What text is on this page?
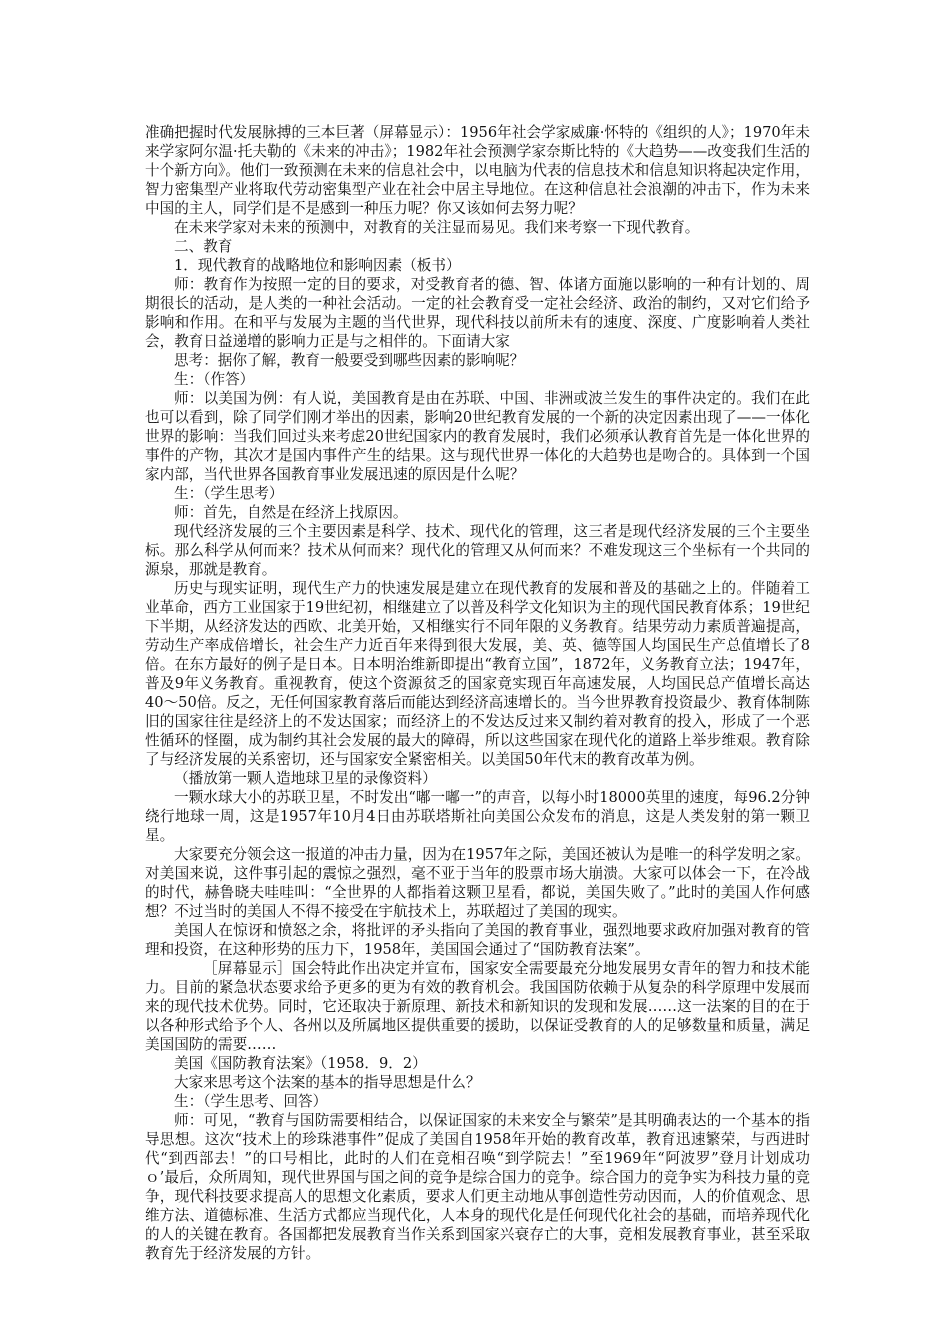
准确把握时代发展脉搏的三本巨著（屏幕显示）：1956年社会学家威廉·怀特的《组织的人》；1970年未来学家阿尔温·托夫勒的《未来的冲击》；1982年社会预测学家奈斯比特的《大趋势——改变我们生活的十个新方向》。他们一致预测在未来的信息社会中，以电脑为代表的信息技术和信息知识将起决定作用，智力密集型产业将取代劳动密集型产业在社会中居主导地位。在这种信息社会浪潮的冲击下，作为未来中国的主人，同学们是不是感到一种压力呢？你又该如何去努力呢？

在未来学家对未来的预测中，对教育的关注显而易见。我们来考察一下现代教育。

二、教育

1．现代教育的战略地位和影响因素（板书）

师：教育作为按照一定的目的要求，对受教育者的德、智、体诸方面施以影响的一种有计划的、周期很长的活动，是人类的一种社会活动。一定的社会教育受一定社会经济、政治的制约，又对它们给予影响和作用。在和平与发展为主题的当代世界，现代科技以前所未有的速度、深度、广度影响着人类社会，教育日益递增的影响力正是与之相伴的。下面请大家

思考：据你了解，教育一般要受到哪些因素的影响呢？

生：（作答）

师：以美国为例：有人说，美国教育是由在苏联、中国、非洲或波兰发生的事件决定的。我们在此也可以看到，除了同学们刚才举出的因素，影响20世纪教育发展的一个新的决定因素出现了——一体化世界的影响：当我们回过头来考虑20世纪国家内的教育发展时，我们必须承认教育首先是一体化世界的事件的产物，其次才是国内事件产生的结果。这与现代世界一体化的大趋势也是吻合的。具体到一个国家内部，当代世界各国教育事业发展迅速的原因是什么呢？

生：（学生思考）

师：首先，自然是在经济上找原因。

现代经济发展的三个主要因素是科学、技术、现代化的管理，这三者是现代经济发展的三个主要坐标。那么科学从何而来？技术从何而来？现代化的管理又从何而来？不难发现这三个坐标有一个共同的源泉，那就是教育。

历史与现实证明，现代生产力的快速发展是建立在现代教育的发展和普及的基础之上的。伴随着工业革命，西方工业国家于19世纪初，相继建立了以普及科学文化知识为主的现代国民教育体系；19世纪下半期，从经济发达的西欧、北美开始，又相继实行不同年限的义务教育。结果劳动力素质普遍提高，劳动生产率成倍增长，社会生产力近百年来得到很大发展，美、英、德等国人均国民生产总值增长了8倍。在东方最好的例子是日本。日本明治维新即提出“教育立国”，1872年，义务教育立法；1947年，普及9年义务教育。重视教育，使这个资源贫乏的国家竟实现百年高速发展，人均国民总产值增长高达40～50倍。反之，无任何国家教育落后而能达到经济高速增长的。当今世界教育投资最少、教育体制陈旧的国家往往是经济上的不发达国家；而经济上的不发达反过来又制约着对教育的投入，形成了一个恶性循环的怪圈，成为制约其社会发展的最大的障碍，所以这些国家在现代化的道路上举步维艰。教育除了与经济发展的关系密切，还与国家安全紧密相关。以美国50年代末的教育改革为例。

（播放第一颗人造地球卫星的录像资料）

一颗水球大小的苏联卫星，不时发出“嘟一嘟一”的声音，以每小时18000英里的速度，每96.2分钟绕行地球一周，这是1957年10月4日由苏联塔斯社向美国公众发布的消息，这是人类发射的第一颗卫星。

大家要充分领会这一报道的冲击力量，因为在1957年之际，美国还被认为是唯一的科学发明之家。对美国来说，这件事引起的震惊之强烈，毫不亚于当年的股票市场大崩溃。大家可以体会一下，在冷战的时代，赫鲁晓夫哇哇叫：“全世界的人都指着这颗卫星看，都说，美国失败了。”此时的美国人作何感想？不过当时的美国人不得不接受在宇航技术上，苏联超过了美国的现实。

美国人在惊讶和愤怒之余，将批评的矛头指向了美国的教育事业，强烈地要求政府加强对教育的管理和投资，在这种形势的压力下，1958年，美国国会通过了“国防教育法案”。

［屏幕显示］国会特此作出决定并宣布，国家安全需要最充分地发展男女青年的智力和技术能力。目前的紧急状态要求给予更多的更为有效的教育机会。我国国防依赖于从复杂的科学原理中发展而来的现代技术优势。同时，它还取决于新原理、新技术和新知识的发现和发展……这一法案的目的在于以各种形式给予个人、各州以及所属地区提供重要的援助，以保证受教育的人的足够数量和质量，满足美国国防的需要……

美国《国防教育法案》（1958．9．2）

大家来思考这个法案的基本的指导思想是什么？

生：（学生思考、回答）

师：可见，“教育与国防需要相结合，以保证国家的未来安全与繁荣”是其明确表达的一个基本的指导思想。这次“技术上的珍珠港事件”促成了美国自1958年开始的教育改革，教育迅速繁荣，与西进时代“到西部去！”的口号相比，此时的人们在竞相召唤“到学院去！”至1969年“阿波罗”登月计划成功ｏ’最后，众所周知，现代世界国与国之间的竞争是综合国力的竞争。综合国力的竞争实为科技力量的竞争，现代科技要求提高人的思想文化素质，要求人们更主动地从事创造性劳动因而，人的价值观念、思维方法、道德标准、生活方式都应当现代化，人本身的现代化是任何现代化社会的基础，而培养现代化的人的关键在教育。各国都把发展教育当作关系到国家兴衰存亡的大事，竞相发展教育事业，甚至采取教育先于经济发展的方针。
